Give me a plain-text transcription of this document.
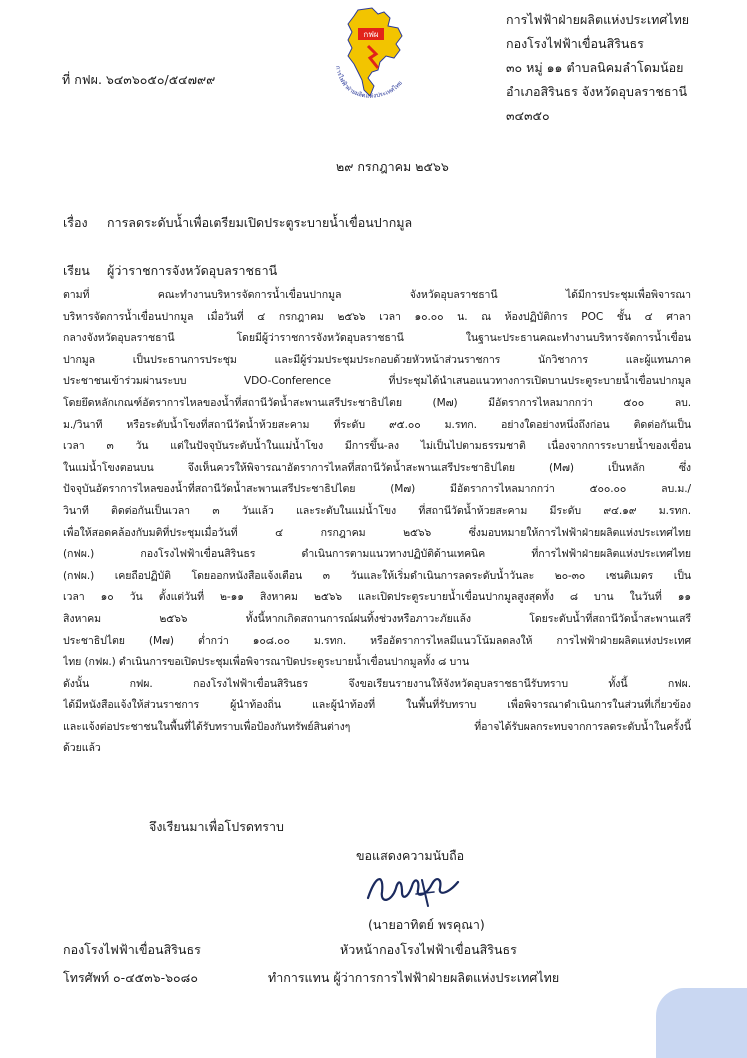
กฟผ
การไฟฟ้าฝ่ายผลิตแห่งประเทศไทย
การไฟฟ้าฝ่ายผลิตแห่งประเทศไทย
กองโรงไฟฟ้าเขื่อนสิรินธร
๓๐ หมู่ ๑๑ ตำบลนิคมลำโดมน้อย
อำเภอสิรินธร จังหวัดอุบลราชธานี
๓๔๓๕๐
ที่ กฟผ. ๖๔๓๖๐๕๐/๕๔๗๙๙
๒๙ กรกฎาคม ๒๕๖๖
เรื่อง การลดระดับน้ำเพื่อเตรียมเปิดประตูระบายน้ำเขื่อนปากมูล
เรียน ผู้ว่าราชการจังหวัดอุบลราชธานี
ตามที่ คณะทำงานบริหารจัดการน้ำเขื่อนปากมูล จังหวัดอุบลราชธานี ได้มีการประชุมเพื่อพิจารณา
บริหารจัดการน้ำเขื่อนปากมูล เมื่อวันที่ ๔ กรกฎาคม ๒๕๖๖ เวลา ๑๐.๐๐ น. ณ ห้องปฏิบัติการ POC ชั้น ๔ ศาลา
กลางจังหวัดอุบลราชธานี โดยมีผู้ว่าราชการจังหวัดอุบลราชธานี ในฐานะประธานคณะทำงานบริหารจัดการน้ำเขื่อน
ปากมูล เป็นประธานการประชุม และมีผู้ร่วมประชุมประกอบด้วยหัวหน้าส่วนราชการ นักวิชาการ และผู้แทนภาค
ประชาชนเข้าร่วมผ่านระบบ VDO-Conference ที่ประชุมได้นำเสนอแนวทางการเปิดบานประตูระบายน้ำเขื่อนปากมูล
โดยยึดหลักเกณฑ์อัตราการไหลของน้ำที่สถานีวัดน้ำสะพานเสรีประชาธิปไตย (M๗) มีอัตราการไหลมากกว่า ๕๐๐ ลบ.
ม./วินาที หรือระดับน้ำโขงที่สถานีวัดน้ำห้วยสะคาม ที่ระดับ ๙๕.๐๐ ม.รทก. อย่างใดอย่างหนึ่งถึงก่อน ติดต่อกันเป็น
เวลา ๓ วัน แต่ในปัจจุบันระดับน้ำในแม่น้ำโขง มีการขึ้น-ลง ไม่เป็นไปตามธรรมชาติ เนื่องจากการระบายน้ำของเขื่อน
ในแม่น้ำโขงตอนบน จึงเห็นควรให้พิจารณาอัตราการไหลที่สถานีวัดน้ำสะพานเสรีประชาธิปไตย (M๗) เป็นหลัก ซึ่ง
ปัจจุบันอัตราการไหลของน้ำที่สถานีวัดน้ำสะพานเสรีประชาธิปไตย (M๗) มีอัตราการไหลมากกว่า ๕๐๐.๐๐ ลบ.ม./
วินาที ติดต่อกันเป็นเวลา ๓ วันแล้ว และระดับในแม่น้ำโขง ที่สถานีวัดน้ำห้วยสะคาม มีระดับ ๙๔.๑๙ ม.รทก.
เพื่อให้สอดคล้องกับมติที่ประชุมเมื่อวันที่ ๔ กรกฎาคม ๒๕๖๖ ซึ่งมอบหมายให้การไฟฟ้าฝ่ายผลิตแห่งประเทศไทย
(กฟผ.) กองโรงไฟฟ้าเขื่อนสิรินธร ดำเนินการตามแนวทางปฏิบัติด้านเทคนิค ที่การไฟฟ้าฝ่ายผลิตแห่งประเทศไทย
(กฟผ.) เคยถือปฏิบัติ โดยออกหนังสือแจ้งเตือน ๓ วันและให้เริ่มดำเนินการลดระดับน้ำวันละ ๒๐-๓๐ เซนติเมตร เป็น
เวลา ๑๐ วัน ตั้งแต่วันที่ ๒-๑๑ สิงหาคม ๒๕๖๖ และเปิดประตูระบายน้ำเขื่อนปากมูลสูงสุดทั้ง ๘ บาน ในวันที่ ๑๑
สิงหาคม ๒๕๖๖ ทั้งนี้หากเกิดสถานการณ์ฝนทิ้งช่วงหรือภาวะภัยแล้ง โดยระดับน้ำที่สถานีวัดน้ำสะพานเสรี
ประชาธิปไตย (M๗) ต่ำกว่า ๑๐๘.๐๐ ม.รทก. หรืออัตราการไหลมีแนวโน้มลดลงให้ การไฟฟ้าฝ่ายผลิตแห่งประเทศ
ไทย (กฟผ.) ดำเนินการขอเปิดประชุมเพื่อพิจารณาปิดประตูระบายน้ำเขื่อนปากมูลทั้ง ๘ บาน
ดังนั้น กฟผ. กองโรงไฟฟ้าเขื่อนสิรินธร จึงขอเรียนรายงานให้จังหวัดอุบลราชธานีรับทราบ ทั้งนี้ กฟผ.
ได้มีหนังสือแจ้งให้ส่วนราชการ ผู้นำท้องถิ่น และผู้นำท้องที่ ในพื้นที่รับทราบ เพื่อพิจารณาดำเนินการในส่วนที่เกี่ยวข้อง
และแจ้งต่อประชาชนในพื้นที่ได้รับทราบเพื่อป้องกันทรัพย์สินต่างๆ ที่อาจได้รับผลกระทบจากการลดระดับน้ำในครั้งนี้
ด้วยแล้ว
จึงเรียนมาเพื่อโปรดทราบ
ขอแสดงความนับถือ
(นายอาทิตย์ พรคุณา)
หัวหน้ากองโรงไฟฟ้าเขื่อนสิรินธร
ทำการแทน ผู้ว่าการการไฟฟ้าฝ่ายผลิตแห่งประเทศไทย
กองโรงไฟฟ้าเขื่อนสิรินธร
โทรศัพท์ ๐-๔๕๓๖-๖๐๘๐
